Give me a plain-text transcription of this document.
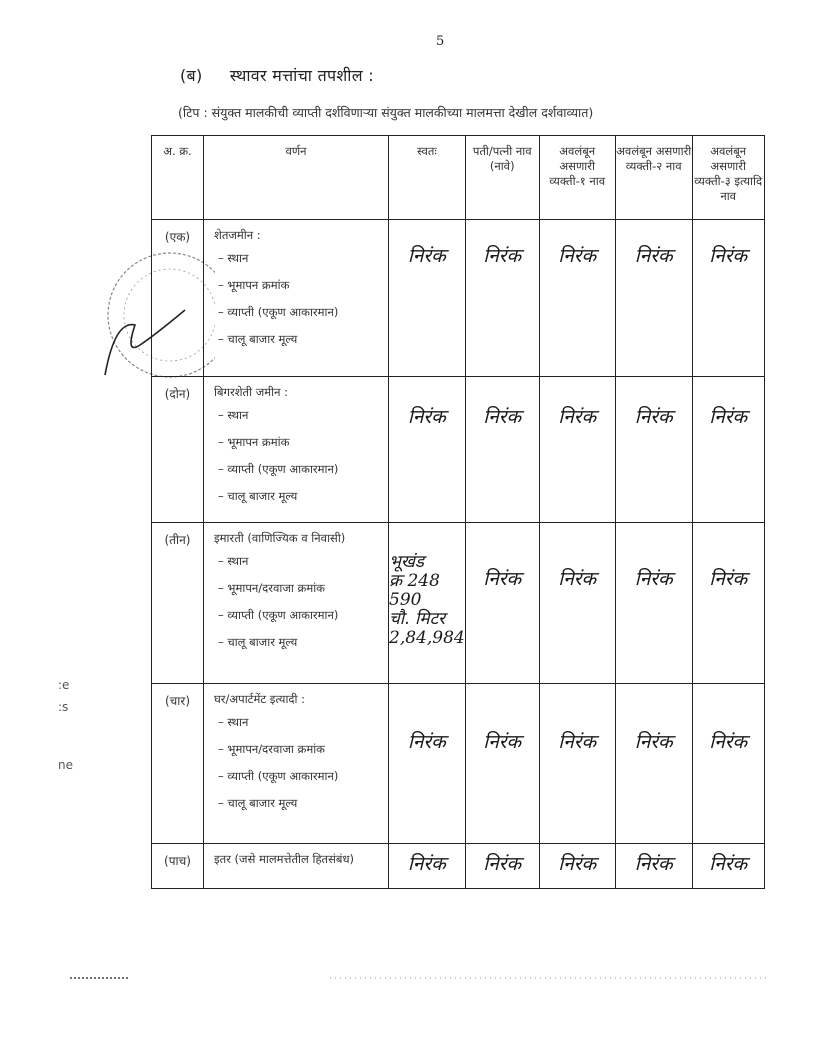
5
(ब) स्थावर मत्तांचा तपशील :
(टिप : संयुक्त मालकीची व्याप्ती दर्शविणाऱ्या संयुक्त मालकीच्या मालमत्ता देखील दर्शवाव्यात)
अ. क्र.	वर्णन	स्वतः	पती/पत्नी नाव (नावे)	अवलंबून असणारी व्यक्ती-१ नाव	अवलंबून असणारी व्यक्ती-२ नाव	अवलंबून असणारी व्यक्ती-३ इत्यादि नाव
(एक)	शेतजमीन :
– स्थान
– भूमापन क्रमांक
– व्याप्ती (एकूण आकारमान)
– चालू बाजार मूल्य	निरंक	निरंक	निरंक	निरंक	निरंक

(दोन)	बिगरशेती जमीन :
– स्थान
– भूमापन क्रमांक
– व्याप्ती (एकूण आकारमान)
– चालू बाजार मूल्य	निरंक	निरंक	निरंक	निरंक	निरंक

(तीन)	इमारती (वाणिज्यिक व निवासी)
– स्थान
– भूमापन/दरवाजा क्रमांक
– व्याप्ती (एकूण आकारमान)
– चालू बाजार मूल्य	भूखंड
क्र 248
590
चौ. मिटर
2,84,984	निरंक	निरंक	निरंक	निरंक

(चार)	घर/अपार्टमेंट इत्यादी :
– स्थान
– भूमापन/दरवाजा क्रमांक
– व्याप्ती (एकूण आकारमान)
– चालू बाजार मूल्य	निरंक	निरंक	निरंक	निरंक	निरंक

(पाच)	इतर (जसे मालमत्तेतील हितसंबंध)	निरंक	निरंक	निरंक	निरंक	निरंक
:e
:s
ne
